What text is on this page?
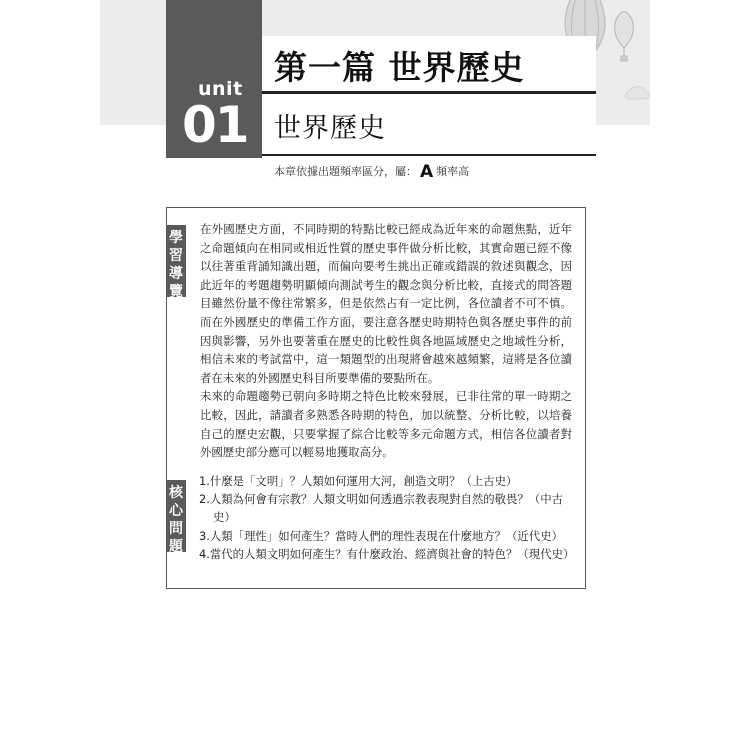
unit
01
第一篇 世界歷史
世界歷史
本章依據出題頻率區分，屬： A 頻率高
學
習
導
覽

在外國歷史方面，不同時期的特點比較已經成為近年來的命題焦點，近年之命題傾向在相同或相近性質的歷史事件做分析比較，其實命題已經不像以往著重背誦知識出題，而偏向要考生挑出正確或錯誤的敘述與觀念，因此近年的考題趨勢明顯傾向測試考生的觀念與分析比較，直接式的問答題目雖然份量不像往常繁多，但是依然占有一定比例，各位讀者不可不慎。而在外國歷史的準備工作方面，要注意各歷史時期特色與各歷史事件的前因與影響，另外也要著重在歷史的比較性與各地區域歷史之地域性分析，相信未來的考試當中，這一類題型的出現將會越來越頻繁，這將是各位讀者在未來的外國歷史科目所要準備的要點所在。

未來的命題趨勢已朝向多時期之特色比較來發展，已非往常的單一時期之比較，因此，請讀者多熟悉各時期的特色，加以統整、分析比較，以培養自己的歷史宏觀，只要掌握了綜合比較等多元命題方式，相信各位讀者對外國歷史部分應可以輕易地獲取高分。

核
心
問
題
1.什麼是「文明」？人類如何運用大河，創造文明？（上古史）
2.人類為何會有宗教？人類文明如何透過宗教表現對自然的敬畏？（中古史）
3.人類「理性」如何產生？當時人們的理性表現在什麼地方？（近代史）
4.當代的人類文明如何產生？有什麼政治、經濟與社會的特色？（現代史）
